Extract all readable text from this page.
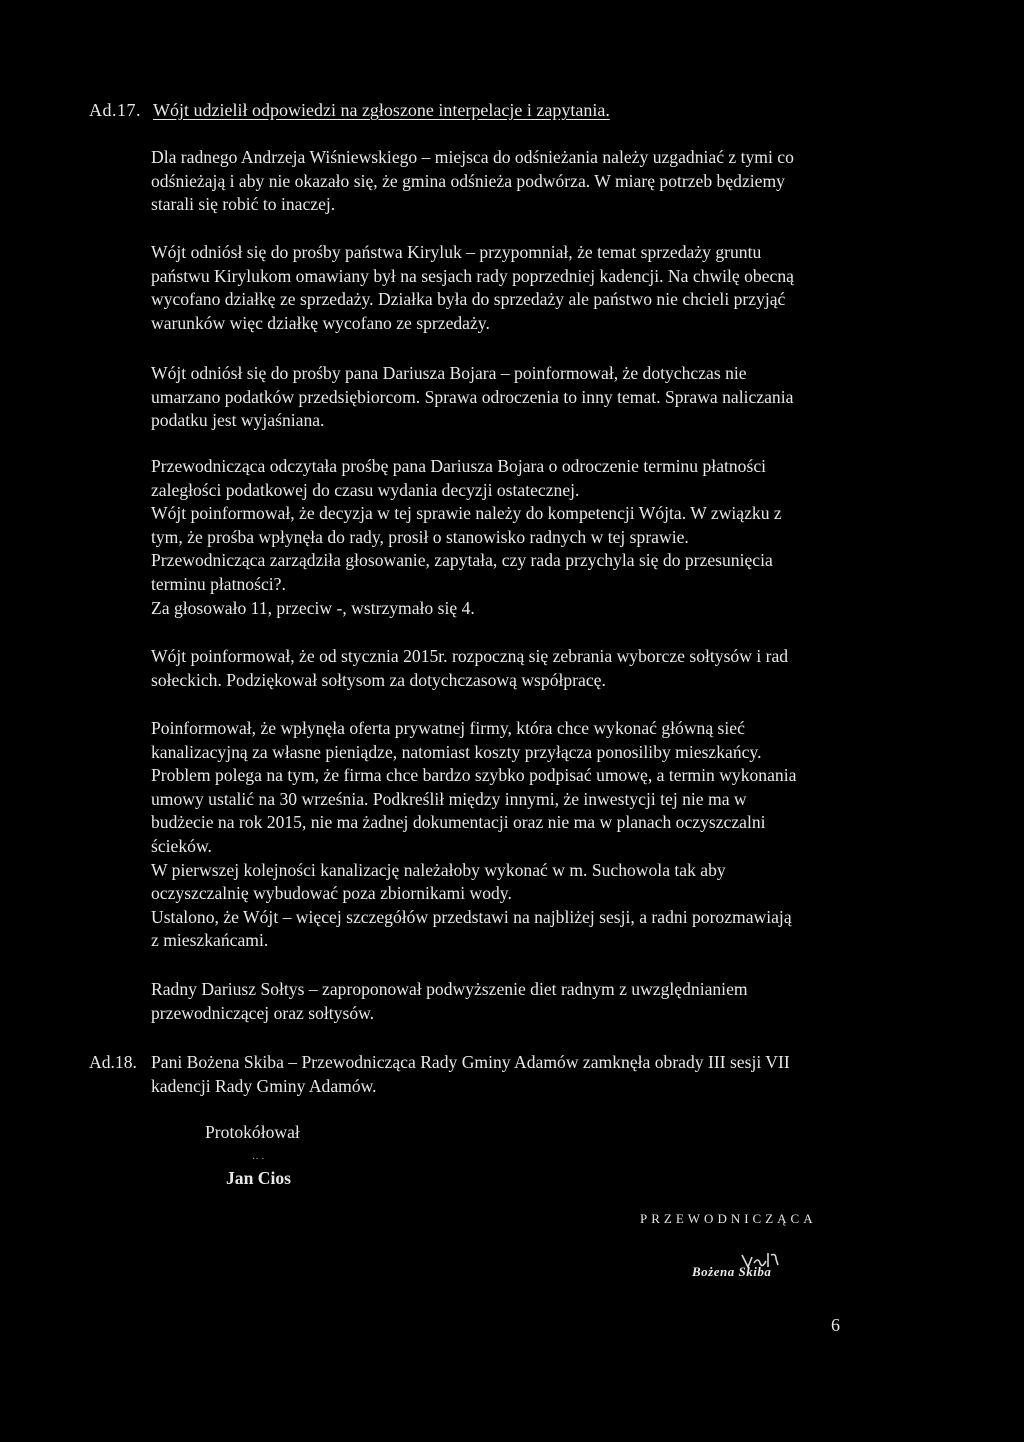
Ad.17. Wójt udzielił odpowiedzi na zgłoszone interpelacje i zapytania.

Dla radnego Andrzeja Wiśniewskiego – miejsca do odśnieżania należy uzgadniać z tymi co
odśnieżają i aby nie okazało się, że gmina odśnieża podwórza. W miarę potrzeb będziemy
starali się robić to inaczej.

Wójt odniósł się do prośby państwa Kiryluk – przypomniał, że temat sprzedaży gruntu
państwu Kirylukom omawiany był na sesjach rady poprzedniej kadencji. Na chwilę obecną
wycofano działkę ze sprzedaży. Działka była do sprzedaży ale państwo nie chcieli przyjąć
warunków więc działkę wycofano ze sprzedaży.

Wójt odniósł się do prośby pana Dariusza Bojara – poinformował, że dotychczas nie
umarzano podatków przedsiębiorcom. Sprawa odroczenia to inny temat. Sprawa naliczania
podatku jest wyjaśniana.

Przewodnicząca odczytała prośbę pana Dariusza Bojara o odroczenie terminu płatności
zaległości podatkowej do czasu wydania decyzji ostatecznej.
Wójt poinformował, że decyzja w tej sprawie należy do kompetencji Wójta. W związku z
tym, że prośba wpłynęła do rady, prosił o stanowisko radnych w tej sprawie.
Przewodnicząca zarządziła głosowanie, zapytała, czy rada przychyla się do przesunięcia
terminu płatności?.
Za głosowało 11, przeciw -, wstrzymało się 4.

Wójt poinformował, że od stycznia 2015r. rozpoczną się zebrania wyborcze sołtysów i rad
sołeckich. Podziękował sołtysom za dotychczasową współpracę.

Poinformował, że wpłynęła oferta prywatnej firmy, która chce wykonać główną sieć
kanalizacyjną za własne pieniądze, natomiast koszty przyłącza ponosiliby mieszkańcy.
Problem polega na tym, że firma chce bardzo szybko podpisać umowę, a termin wykonania
umowy ustalić na 30 września. Podkreślił między innymi, że inwestycji tej nie ma w
budżecie na rok 2015, nie ma żadnej dokumentacji oraz nie ma w planach oczyszczalni
ścieków.
W pierwszej kolejności kanalizację należałoby wykonać w m. Suchowola tak aby
oczyszczalnię wybudować poza zbiornikami wody.
Ustalono, że Wójt – więcej szczegółów przedstawi na najbliżej sesji, a radni porozmawiają
z mieszkańcami.

Radny Dariusz Sołtys – zaproponował podwyższenie diet radnym z uwzględnianiem
przewodniczącej oraz sołtysów.

Ad.18. Pani Bożena Skiba – Przewodnicząca Rady Gminy Adamów zamknęła obrady III sesji VII
kadencji Rady Gminy Adamów.
Protokółował
·· ·
Jan Cios
PRZEWODNICZĄCA
Bożena Skiba
6
